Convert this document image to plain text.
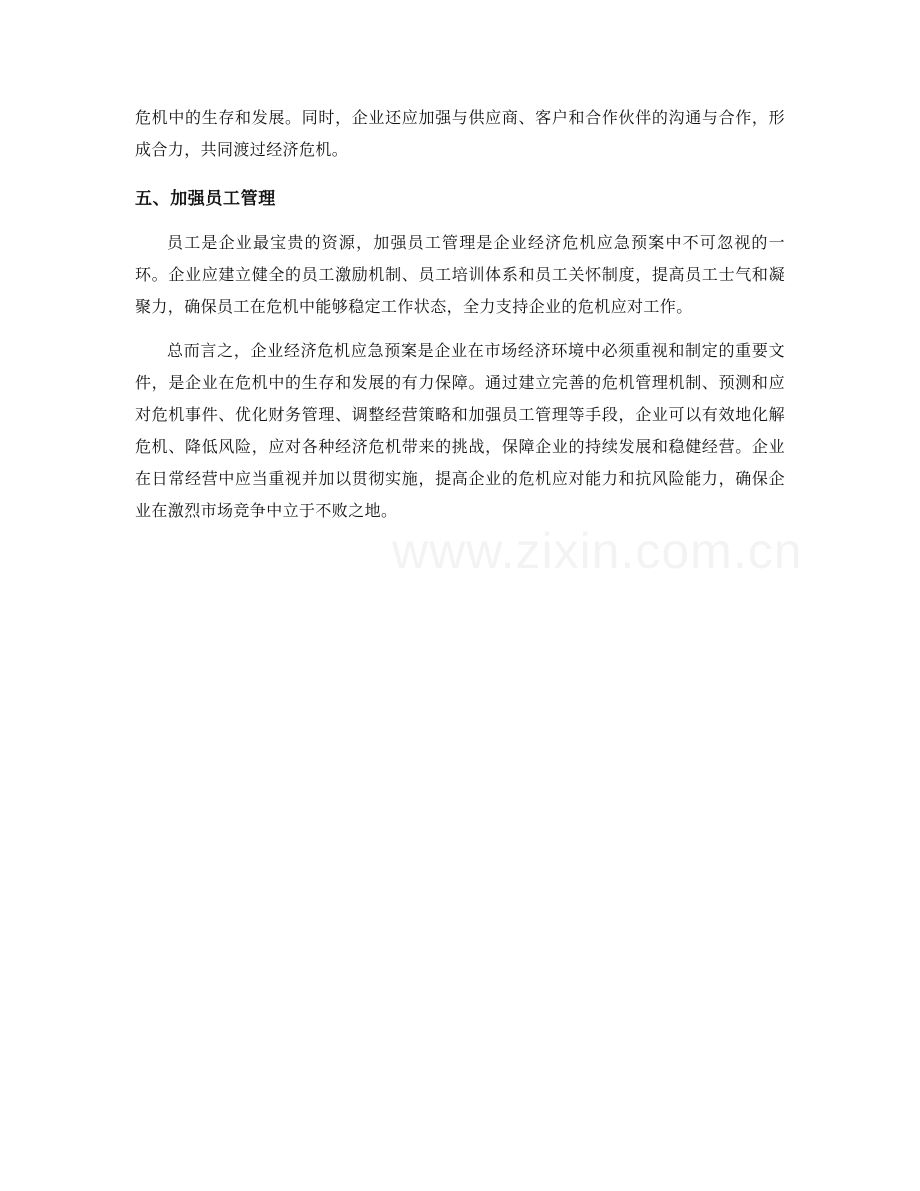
危机中的生存和发展。同时，企业还应加强与供应商、客户和合作伙伴的沟通与合作，形成合力，共同渡过经济危机。

五、加强员工管理

员工是企业最宝贵的资源，加强员工管理是企业经济危机应急预案中不可忽视的一环。企业应建立健全的员工激励机制、员工培训体系和员工关怀制度，提高员工士气和凝聚力，确保员工在危机中能够稳定工作状态，全力支持企业的危机应对工作。

总而言之，企业经济危机应急预案是企业在市场经济环境中必须重视和制定的重要文件，是企业在危机中的生存和发展的有力保障。通过建立完善的危机管理机制、预测和应对危机事件、优化财务管理、调整经营策略和加强员工管理等手段，企业可以有效地化解危机、降低风险，应对各种经济危机带来的挑战，保障企业的持续发展和稳健经营。企业在日常经营中应当重视并加以贯彻实施，提高企业的危机应对能力和抗风险能力，确保企业在激烈市场竞争中立于不败之地。
